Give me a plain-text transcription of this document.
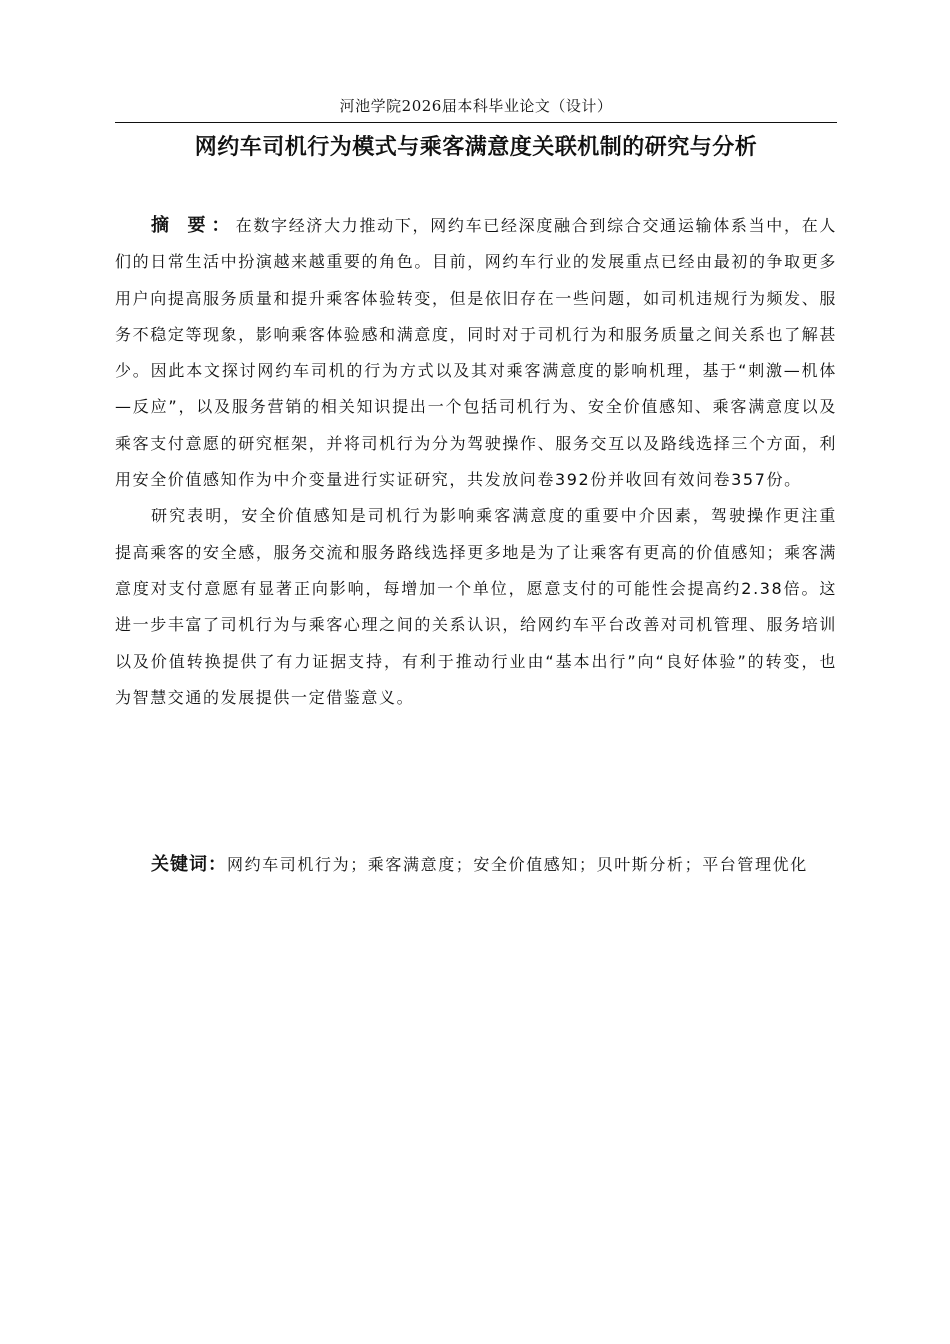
河池学院2026届本科毕业论文（设计）
网约车司机行为模式与乘客满意度关联机制的研究与分析

摘 要：在数字经济大力推动下，网约车已经深度融合到综合交通运输体系当中，在人们的日常生活中扮演越来越重要的角色。目前，网约车行业的发展重点已经由最初的争取更多用户向提高服务质量和提升乘客体验转变，但是依旧存在一些问题，如司机违规行为频发、服务不稳定等现象，影响乘客体验感和满意度，同时对于司机行为和服务质量之间关系也了解甚少。因此本文探讨网约车司机的行为方式以及其对乘客满意度的影响机理，基于“刺激—机体—反应”，以及服务营销的相关知识提出一个包括司机行为、安全价值感知、乘客满意度以及乘客支付意愿的研究框架，并将司机行为分为驾驶操作、服务交互以及路线选择三个方面，利用安全价值感知作为中介变量进行实证研究，共发放问卷392份并收回有效问卷357份。

研究表明，安全价值感知是司机行为影响乘客满意度的重要中介因素，驾驶操作更注重提高乘客的安全感，服务交流和服务路线选择更多地是为了让乘客有更高的价值感知；乘客满意度对支付意愿有显著正向影响，每增加一个单位，愿意支付的可能性会提高约2.38倍。这进一步丰富了司机行为与乘客心理之间的关系认识，给网约车平台改善对司机管理、服务培训以及价值转换提供了有力证据支持，有利于推动行业由“基本出行”向“良好体验”的转变，也为智慧交通的发展提供一定借鉴意义。

关键词：网约车司机行为；乘客满意度；安全价值感知；贝叶斯分析；平台管理优化
